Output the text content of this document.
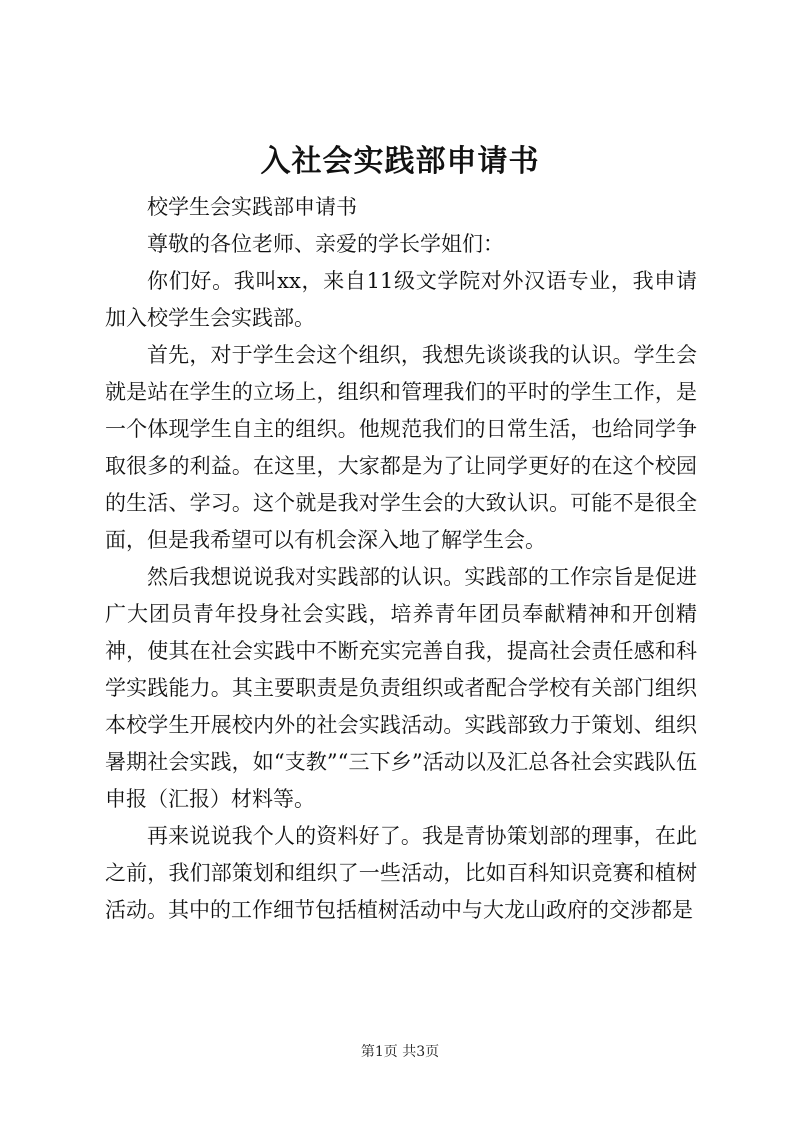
入社会实践部申请书

校学生会实践部申请书

尊敬的各位老师、亲爱的学长学姐们：

你们好。我叫xx，来自11级文学院对外汉语专业，我申请加入校学生会实践部。

首先，对于学生会这个组织，我想先谈谈我的认识。学生会就是站在学生的立场上，组织和管理我们的平时的学生工作，是一个体现学生自主的组织。他规范我们的日常生活，也给同学争取很多的利益。在这里，大家都是为了让同学更好的在这个校园的生活、学习。这个就是我对学生会的大致认识。可能不是很全面，但是我希望可以有机会深入地了解学生会。

然后我想说说我对实践部的认识。实践部的工作宗旨是促进广大团员青年投身社会实践，培养青年团员奉献精神和开创精神，使其在社会实践中不断充实完善自我，提高社会责任感和科学实践能力。其主要职责是负责组织或者配合学校有关部门组织本校学生开展校内外的社会实践活动。实践部致力于策划、组织暑期社会实践，如“支教”“三下乡”活动以及汇总各社会实践队伍申报（汇报）材料等。

再来说说我个人的资料好了。我是青协策划部的理事，在此之前，我们部策划和组织了一些活动，比如百科知识竞赛和植树活动。其中的工作细节包括植树活动中与大龙山政府的交涉都是

第1页 共3页
